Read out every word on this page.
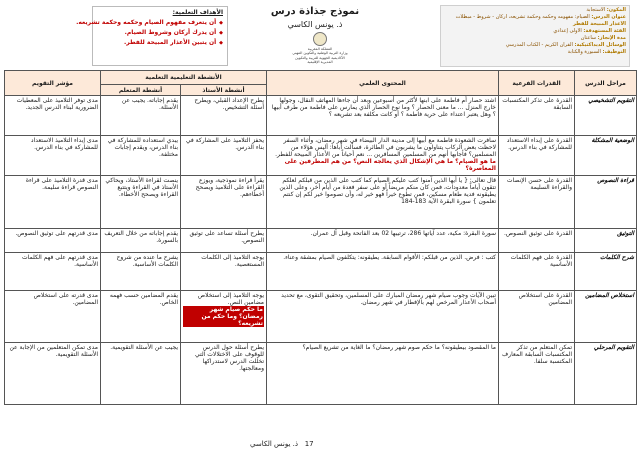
المكون: الاستجابة
عنوان الدرس: الصيام: مفهومه وحكمه وحكمة تشريعه، أركان - شروط - مبطلات
الأعذار المبيحة للفطر
الفئة المستهدفة: الأولى إعدادي
مدة الإنجاز: ساعتان
الوسائل الديداكتيكية: القرآن الكريم - الكتاب المدرسي
التوظيف: السبورة والكتابة
نموذج جذاذة درس
ذ. يونس الكاسي
المملكة المغربية
وزارة التربية الوطنية والتكوين المهني
الأكاديمية الجهوية للتربية والتكوين
المديرية الإقليمية
الأهداف التعلمية:
◆ أن يتعرف مفهوم الصيام وحكمه وحكمة تشريعه.
◆ أن يدرك أركان وشروط الصيام.
◆ أن يتبين الأعذار المبيحة للفطر.
مراحل الدرس	القدرات الفرعية	المحتوى العلمي	الأنشطة التعليمية التعلمية		مؤشر التقويم
			أنشطة الأستاذ	أنشطة المتعلم	
التقويم التشخيصي	القدرة على تذكر المكتسبات السابقة	اشتد حصار أم فاطمة على ابنها لأكثر من أسبوعين وبعد أن جاءها المهاتف النقال، وجولها خارج المنزل ... ما معنى الحصار ؟ وما نوع الحصار الذي يمارس على فاطمة من طرف أبيها ؟ وهل يعتبر اعتداء على حرية فاطمة ؟ أو كانت مكلفة بعد تشريعه ؟	يطرح الإعداد القبلي، ويطرح أسئلة التشخيص.	يقدم إجاباته. يجيب عن الأسئلة.	مدى توفر التلاميذ على المعطيات الضرورية لبناء الدرس الجديد.
الوضعية المشكلة	القدرة على إبداء الاستعداد للمشاركة في بناء الدرس.	سافرت الشعوذة فاطمة مع أبيها إلى مدينة الدار البيضاء في شهر رمضان، وأثناء السفر لاحظت بعض الركاب يتناولون ما يشربون في الطائرة، فسألت أباها: أليس هؤلاء من المسلمين؟ فأجابها أنهم من المسلمين المسافرين ... نعم أحياناً من الأعذار المبيحة للفطر. ما هو الصيام؟ ما هي الإشكال الذي يعالجه النص؟ من هم المطرفين على المعاصرة؟	يحفز التلاميذ على المشاركة في بناء الدرس.	يبدي استعداده للمشاركة في بناء الدرس، ويقدم إجابات مختلفة.	مدى إبداء التلاميذ الاستعداد للمشاركة في بناء الدرس.
قراءة النصوص	القدرة على حسن الإنصات والقراءة السليمة	قال تعالى: { يا أيها الذين آمنوا كتب عليكم الصيام كما كتب على الذين من قبلكم لعلكم تتقون أياماً معدودات، فمن كان منكم مريضاً أو على سفر فعدة من أيام أخر، وعلى الذين يطيقونه فدية طعام مسكين، فمن تطوع خيراً فهو خير له، وأن تصوموا خير لكم إن كنتم تعلمون } سورة البقرة الآية 183-184	يقرأ قراءة نموذجية، ويوزع القراءة على التلاميذ ويصحح أخطاءهم.	ينصت لقراءة الأستاذ، ويحاكي الأستاذ في القراءة ويتتبع القراءة ويصحح الأخطاء.	مدى قدرة التلاميذ على قراءة النصوص قراءة سليمة.
التوثيق	القدرة على توثيق النصوص.	سورة البقرة: مكية، عدد آياتها 286، ترتيبها 02 بعد الفاتحة وقبل آل عمران.	يطرح أسئلة تساعد على توثيق النصوص.	يقدم إجاباته من خلال التعريف بالسورة.	مدى قدرتهم على توثيق النصوص.
شرح الكلمات	القدرة على فهم الكلمات الأساسية	كتب : فرض. الذين من قبلكم: الأقوام السابقة. يطيقونه: يتكلفون الصيام بمشقة وعناء.	يوجه التلاميذ إلى الكلمات المستعصية.	يشرح ما عنده من شروح الكلمات الأساسية.	مدى قدرتهم على فهم الكلمات الأساسية.
استخلاص المضامين	القدرة على استخلاص المضامين	تبين الآيات وجوب صيام شهر رمضان المبارك على المسلمين، وتحقيق التقوى، مع تحديد أصحاب الأعذار المرخص لهم بالإفطار في شهر رمضان.	يوجه التلاميذ إلى استخلاص مضامين النص.ما حكم صيام شهر رمضان؟ وما حكم من تشريعه؟	يقدم المضامين حسب فهمه الخاص.	مدى قدرته على استخلاص المضامين.
التقويم المرحلي	تمكن المتعلم من تذكر المكتسبات السابقة المعارف المكتسبة سلفا.	ما المقصود بيطيقونه؟ ما حكم صوم شهر رمضان؟ ما الغاية من تشريع الصيام؟	يطرح أسئلة حول الدرس للوقوف على الاختلالات التي تخللت الدرس لاستدراكها ومعالجتها.	يجيب عن الأسئلة التقويمية.	مدى تمكن المتعلمين من الإجابة عن الأسئلة التقويمية.
17   ذ. يونس الكاسي
